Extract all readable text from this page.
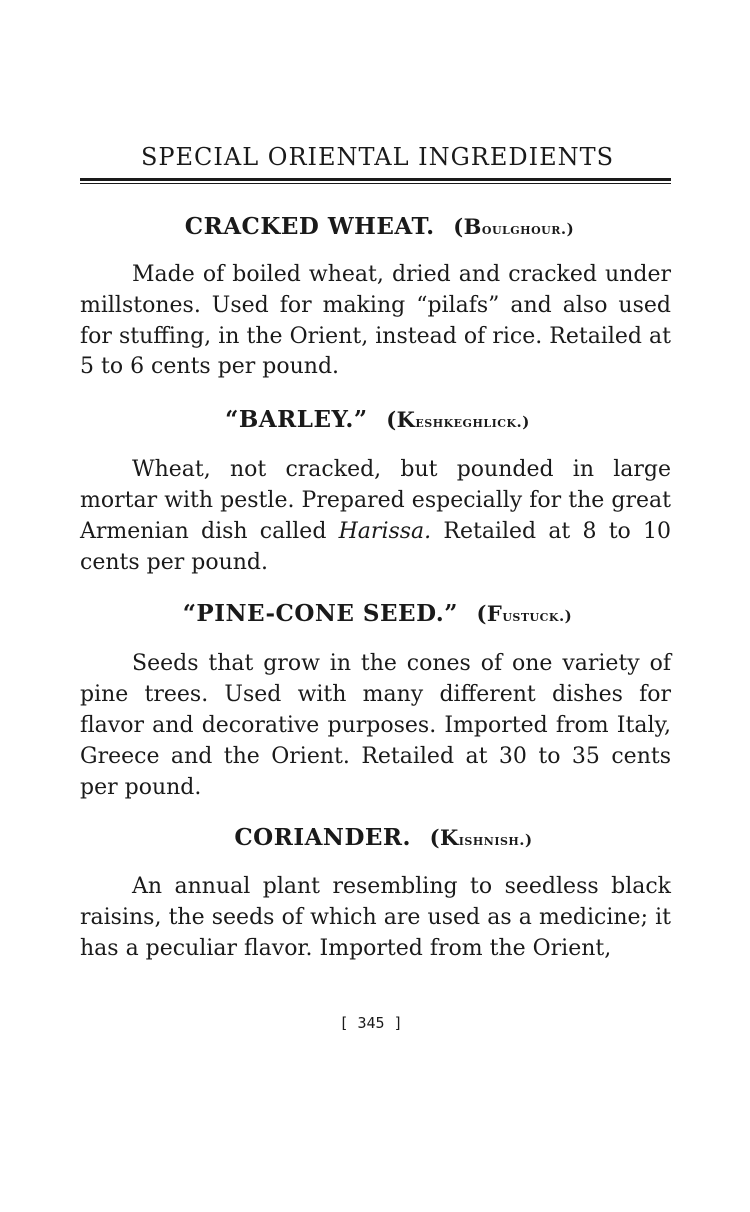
SPECIAL ORIENTAL INGREDIENTS
CRACKED WHEAT. (Boulghour.)

Made of boiled wheat, dried and cracked under millstones. Used for making “pilafs” and also used for stuffing, in the Orient, instead of rice. Retailed at 5 to 6 cents per pound.

“BARLEY.” (Keshkeghlick.)

Wheat, not cracked, but pounded in large mortar with pestle. Prepared especially for the great Armenian dish called Harissa. Retailed at 8 to 10 cents per pound.

“PINE-CONE SEED.” (Fustuck.)

Seeds that grow in the cones of one variety of pine trees. Used with many different dishes for flavor and decorative purposes. Imported from Italy, Greece and the Orient. Retailed at 30 to 35 cents per pound.

CORIANDER. (Kishnish.)

An annual plant resembling to seedless black raisins, the seeds of which are used as a medicine; it has a peculiar flavor. Imported from the Orient,

[ 345 ]
